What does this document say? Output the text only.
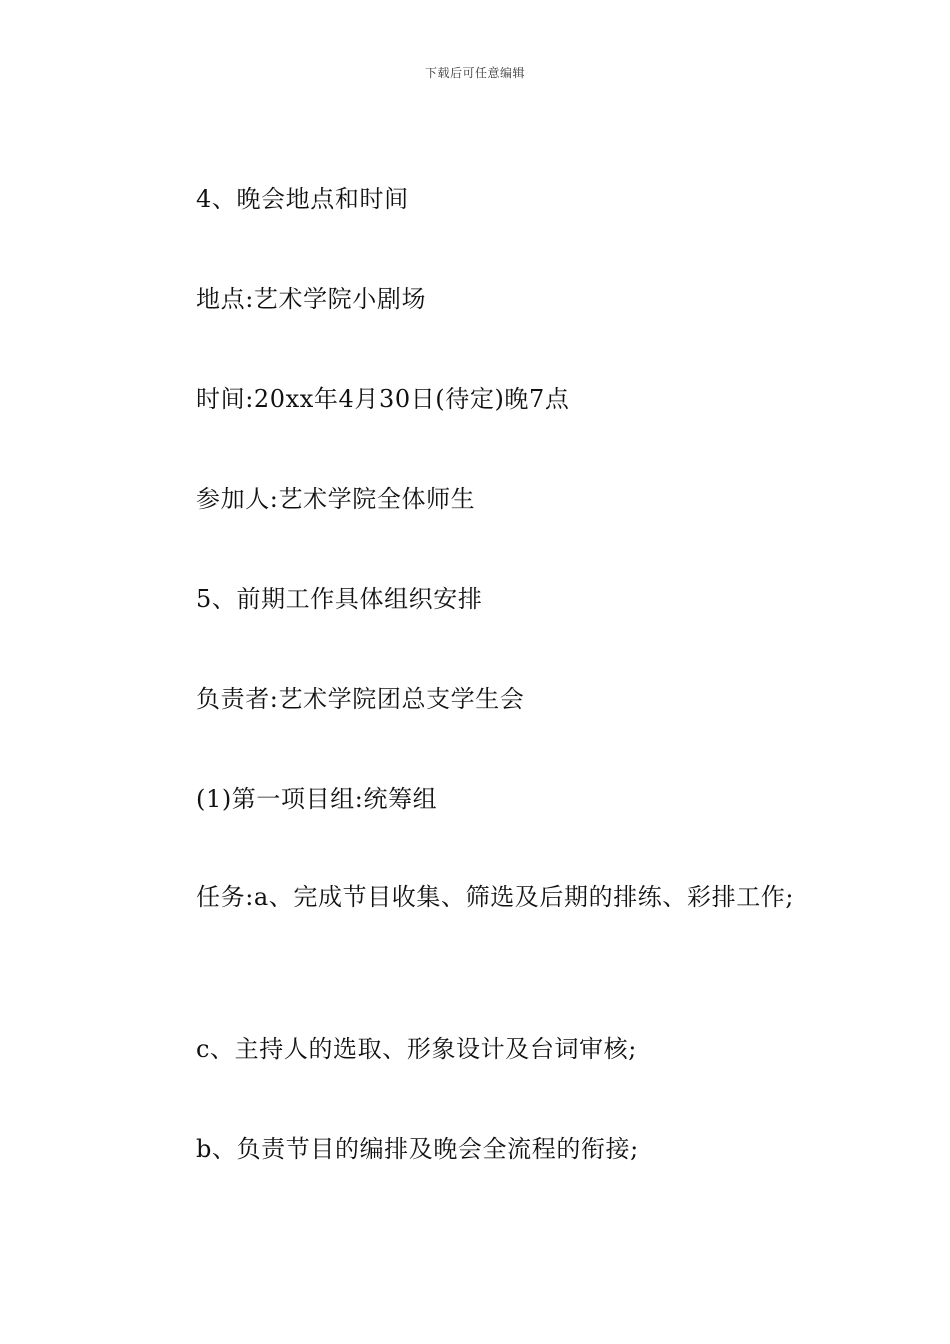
下载后可任意编辑

4、晚会地点和时间

地点:艺术学院小剧场

时间:20xx年4月30日(待定)晚7点

参加人:艺术学院全体师生

5、前期工作具体组织安排

负责者:艺术学院团总支学生会

(1)第一项目组:统筹组

任务:a、完成节目收集、筛选及后期的排练、彩排工作;

c、主持人的选取、形象设计及台词审核;

b、负责节目的编排及晚会全流程的衔接;
